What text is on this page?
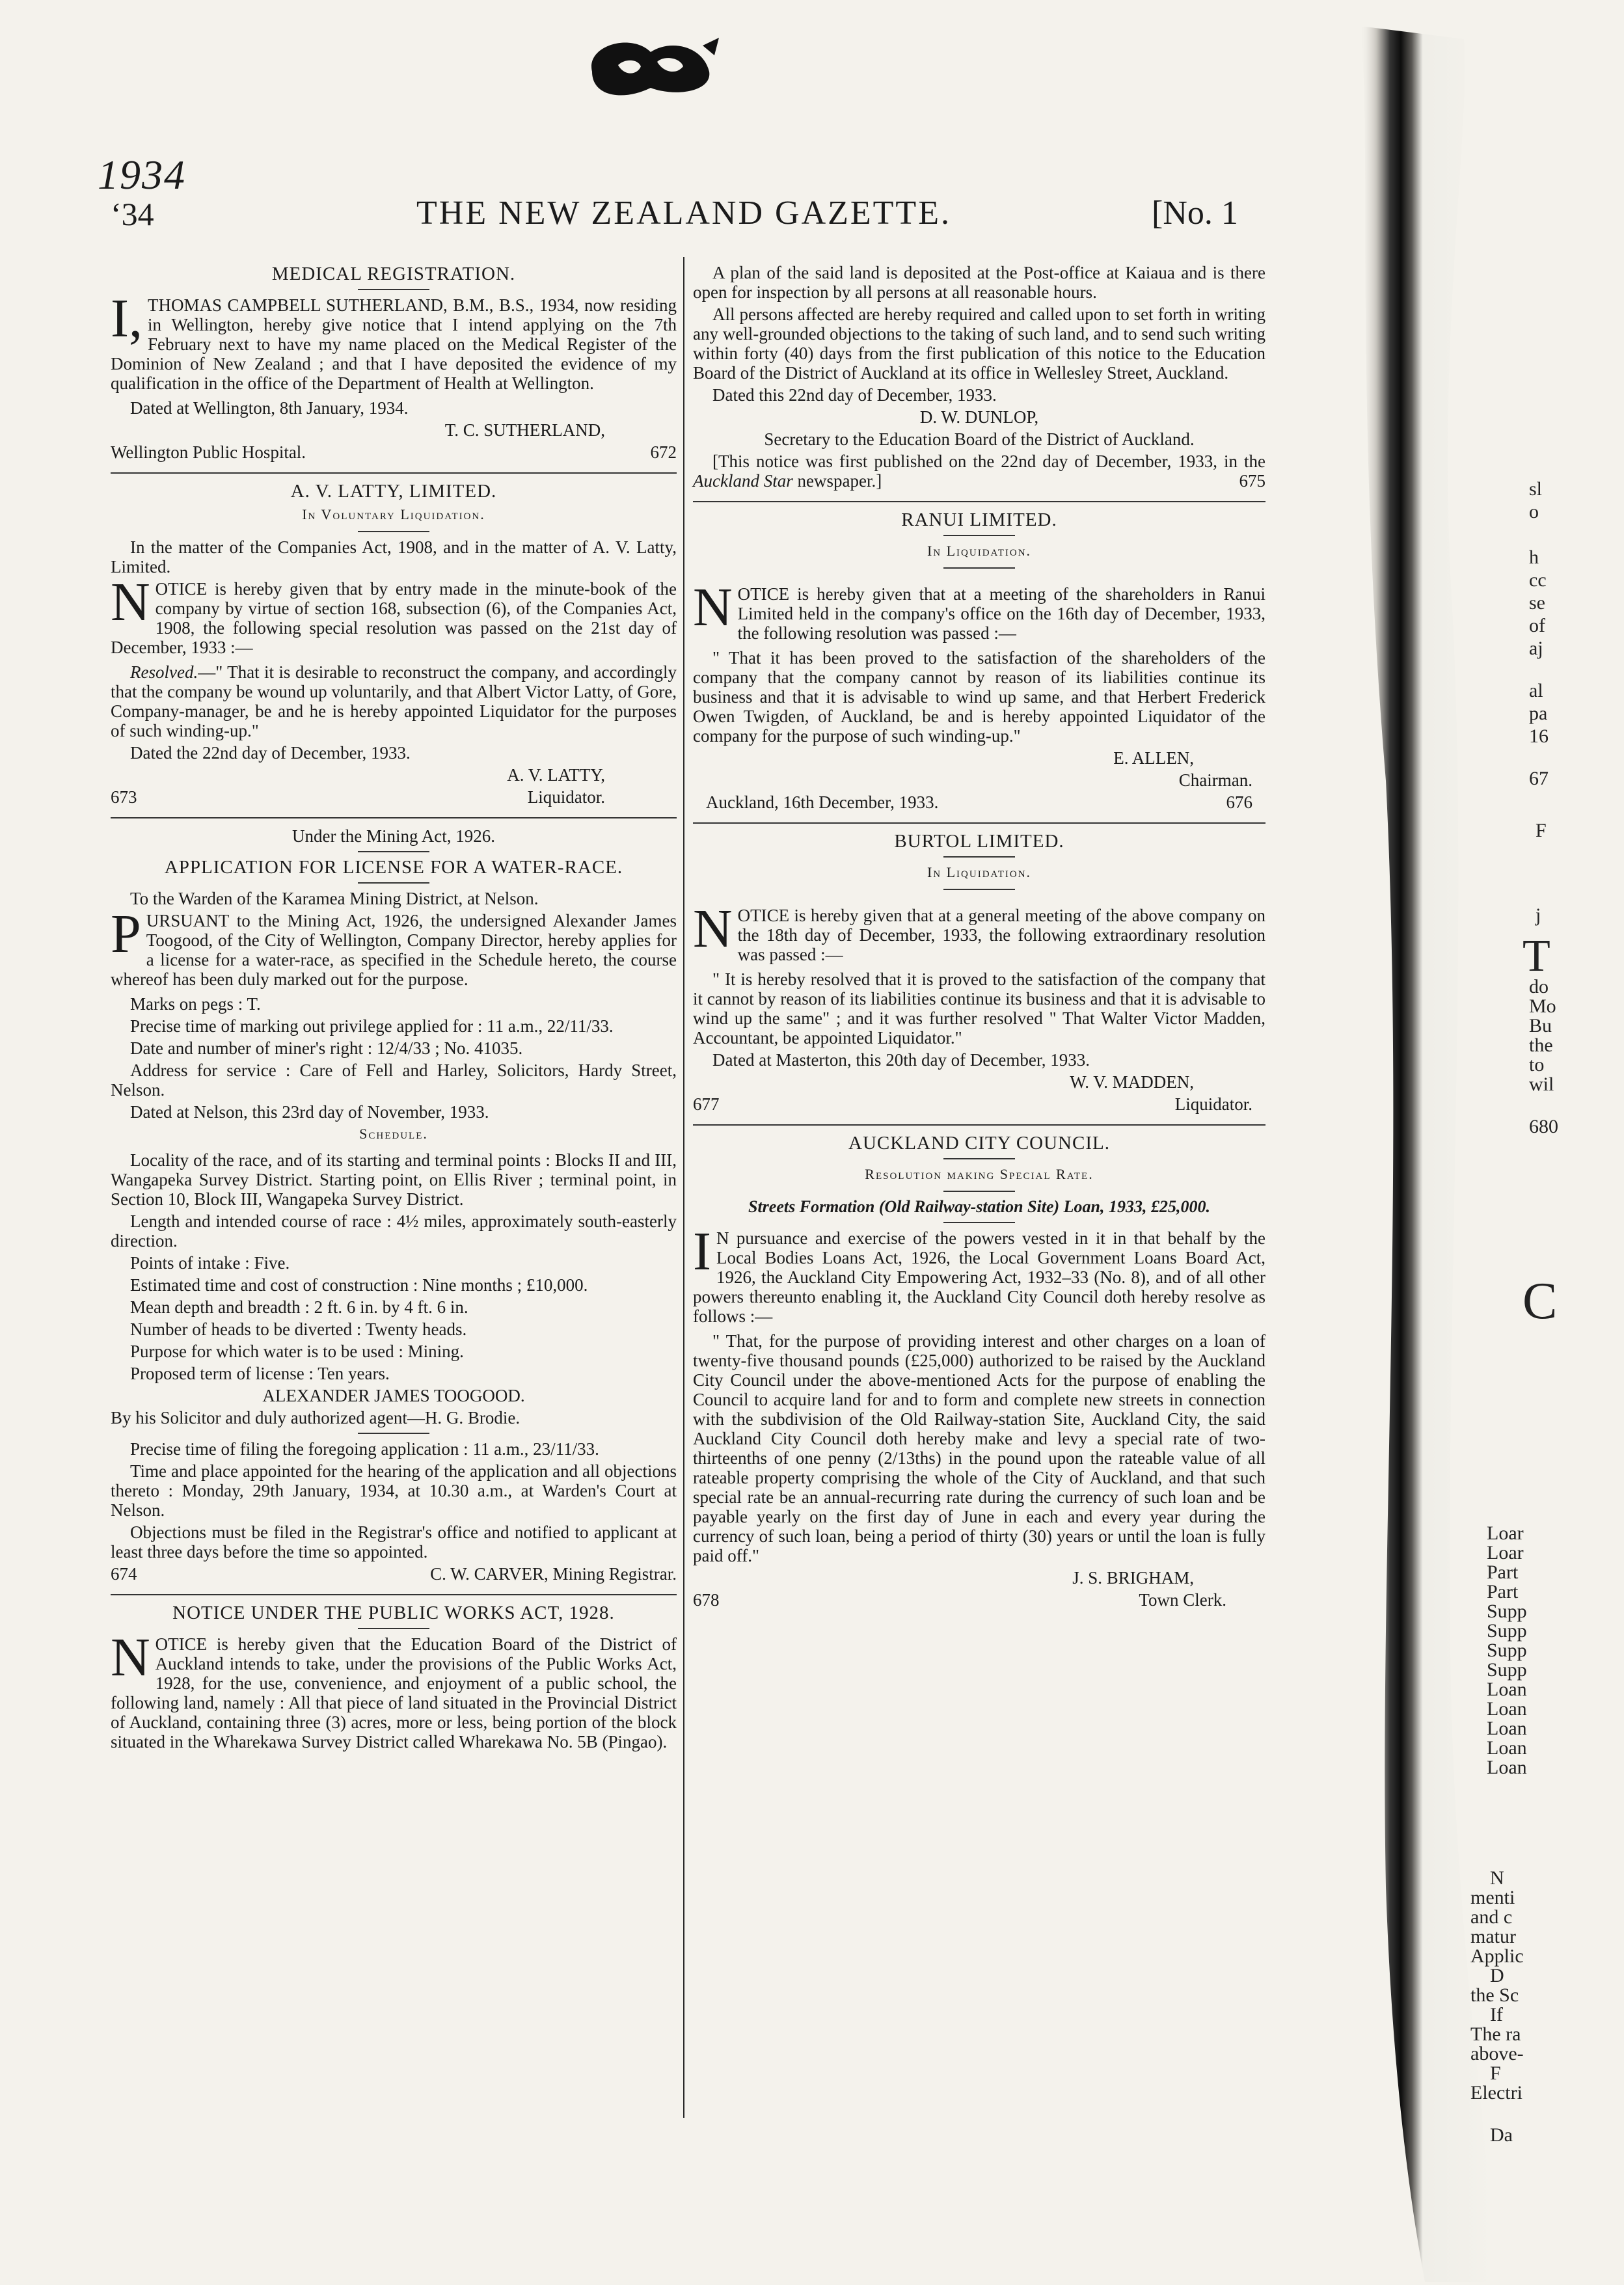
1934
‘34	THE NEW ZEALAND GAZETTE.	[No. 1
MEDICAL REGISTRATION.

I, THOMAS CAMPBELL SUTHERLAND, B.M., B.S., 1934, now residing in Wellington, hereby give notice that I intend applying on the 7th February next to have my name placed on the Medical Register of the Dominion of New Zealand ; and that I have deposited the evidence of my qualification in the office of the Department of Health at Wellington.

Dated at Wellington, 8th January, 1934.

T. C. SUTHERLAND,

Wellington Public Hospital.	672
A. V. LATTY, LIMITED.
In Voluntary Liquidation.

In the matter of the Companies Act, 1908, and in the matter of A. V. Latty, Limited.

NOTICE is hereby given that by entry made in the minute-book of the company by virtue of section 168, subsection (6), of the Companies Act, 1908, the following special resolution was passed on the 21st day of December, 1933 :—

Resolved.—" That it is desirable to reconstruct the company, and accordingly that the company be wound up voluntarily, and that Albert Victor Latty, of Gore, Company-manager, be and he is hereby appointed Liquidator for the purposes of such winding-up."

Dated the 22nd day of December, 1933.

A. V. LATTY,

673	Liquidator.
Under the Mining Act, 1926.
APPLICATION FOR LICENSE FOR A WATER-RACE.

To the Warden of the Karamea Mining District, at Nelson.

PURSUANT to the Mining Act, 1926, the undersigned Alexander James Toogood, of the City of Wellington, Company Director, hereby applies for a license for a water-race, as specified in the Schedule hereto, the course whereof has been duly marked out for the purpose.

Marks on pegs : T.

Precise time of marking out privilege applied for : 11 a.m., 22/11/33.

Date and number of miner's right : 12/4/33 ; No. 41035.

Address for service : Care of Fell and Harley, Solicitors, Hardy Street, Nelson.

Dated at Nelson, this 23rd day of November, 1933.

Schedule.

Locality of the race, and of its starting and terminal points : Blocks II and III, Wangapeka Survey District. Starting point, on Ellis River ; terminal point, in Section 10, Block III, Wangapeka Survey District.

Length and intended course of race : 4½ miles, approximately south-easterly direction.

Points of intake : Five.

Estimated time and cost of construction : Nine months ; £10,000.

Mean depth and breadth : 2 ft. 6 in. by 4 ft. 6 in.

Number of heads to be diverted : Twenty heads.

Purpose for which water is to be used : Mining.

Proposed term of license : Ten years.

ALEXANDER JAMES TOOGOOD.

By his Solicitor and duly authorized agent—H. G. Brodie.

Precise time of filing the foregoing application : 11 a.m., 23/11/33.

Time and place appointed for the hearing of the application and all objections thereto : Monday, 29th January, 1934, at 10.30 a.m., at Warden's Court at Nelson.

Objections must be filed in the Registrar's office and notified to applicant at least three days before the time so appointed.

674	C. W. CARVER, Mining Registrar.
NOTICE UNDER THE PUBLIC WORKS ACT, 1928.

NOTICE is hereby given that the Education Board of the District of Auckland intends to take, under the provisions of the Public Works Act, 1928, for the use, convenience, and enjoyment of a public school, the following land, namely : All that piece of land situated in the Provincial District of Auckland, containing three (3) acres, more or less, being portion of the block situated in the Wharekawa Survey District called Wharekawa No. 5B (Pingao).

A plan of the said land is deposited at the Post-office at Kaiaua and is there open for inspection by all persons at all reasonable hours.

All persons affected are hereby required and called upon to set forth in writing any well-grounded objections to the taking of such land, and to send such writing within forty (40) days from the first publication of this notice to the Education Board of the District of Auckland at its office in Wellesley Street, Auckland.

Dated this 22nd day of December, 1933.

D. W. DUNLOP,

Secretary to the Education Board of the District of Auckland.

[This notice was first published on the 22nd day of December, 1933, in the Auckland Star newspaper.]	675

RANUI LIMITED.
In Liquidation.

NOTICE is hereby given that at a meeting of the shareholders in Ranui Limited held in the company's office on the 16th day of December, 1933, the following resolution was passed :—

" That it has been proved to the satisfaction of the shareholders of the company that the company cannot by reason of its liabilities continue its business and that it is advisable to wind up same, and that Herbert Frederick Owen Twigden, of Auckland, be and is hereby appointed Liquidator of the company for the purpose of such winding-up."

E. ALLEN,

Chairman.

Auckland, 16th December, 1933.	676
BURTOL LIMITED.
In Liquidation.

NOTICE is hereby given that at a general meeting of the above company on the 18th day of December, 1933, the following extraordinary resolution was passed :—

" It is hereby resolved that it is proved to the satisfaction of the company that it cannot by reason of its liabilities continue its business and that it is advisable to wind up the same" ; and it was further resolved " That Walter Victor Madden, Accountant, be appointed Liquidator."

Dated at Masterton, this 20th day of December, 1933.

W. V. MADDEN,

677	Liquidator.
AUCKLAND CITY COUNCIL.
Resolution making Special Rate.
Streets Formation (Old Railway-station Site) Loan, 1933, £25,000.

I N pursuance and exercise of the powers vested in it in that behalf by the Local Bodies Loans Act, 1926, the Local Government Loans Board Act, 1926, the Auckland City Empowering Act, 1932–33 (No. 8), and of all other powers thereunto enabling it, the Auckland City Council doth hereby resolve as follows :—

" That, for the purpose of providing interest and other charges on a loan of twenty-five thousand pounds (£25,000) authorized to be raised by the Auckland City Council under the above-mentioned Acts for the purpose of enabling the Council to acquire land for and to form and complete new streets in connection with the subdivision of the Old Railway-station Site, Auckland City, the said Auckland City Council doth hereby make and levy a special rate of two-thirteenths of one penny (2/13ths) in the pound upon the rateable value of all rateable property comprising the whole of the City of Auckland, and that such special rate be an annual-recurring rate during the currency of such loan and be payable yearly on the first day of June in each and every year during the currency of such loan, being a period of thirty (30) years or until the loan is fully paid off."

J. S. BRIGHAM,

678	Town Clerk.
sl
o
h
cc
se
of
aj
al
pa
16
67
F
j
T
do
Mo
Bu
the
to
wil
680
C
Loar
Loar
Part
Part
Supp
Supp
Supp
Supp
Loan
Loan
Loan
Loan
Loan
N
menti
and c
matur
Applic
D
the Sc
If
The ra
above-
F
Electri
Da
